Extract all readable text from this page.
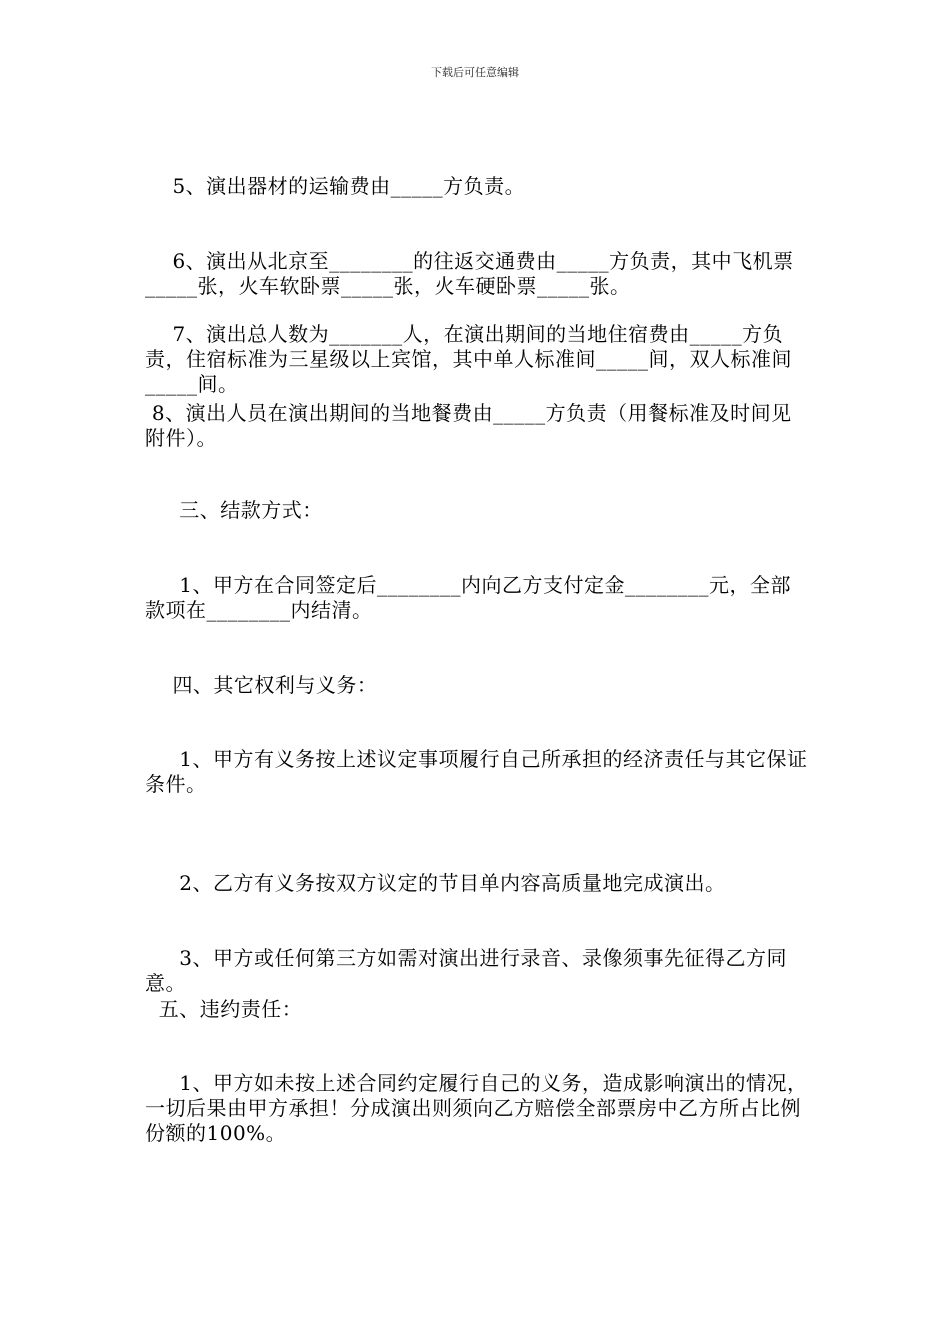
下载后可任意编辑

5、演出器材的运输费由_____方负责。

6、演出从北京至________的往返交通费由_____方负责，其中飞机票_____张，火车软卧票_____张，火车硬卧票_____张。

7、演出总人数为_______人，在演出期间的当地住宿费由_____方负责，住宿标准为三星级以上宾馆，其中单人标准间_____间，双人标准间_____间。

8、演出人员在演出期间的当地餐费由_____方负责（用餐标准及时间见附件）。

三、结款方式：

1、甲方在合同签定后________内向乙方支付定金________元，全部款项在________内结清。

四、其它权利与义务：

1、甲方有义务按上述议定事项履行自己所承担的经济责任与其它保证条件。

2、乙方有义务按双方议定的节目单内容高质量地完成演出。

3、甲方或任何第三方如需对演出进行录音、录像须事先征得乙方同意。

五、违约责任：

1、甲方如未按上述合同约定履行自己的义务，造成影响演出的情况，一切后果由甲方承担！分成演出则须向乙方赔偿全部票房中乙方所占比例份额的100%。
